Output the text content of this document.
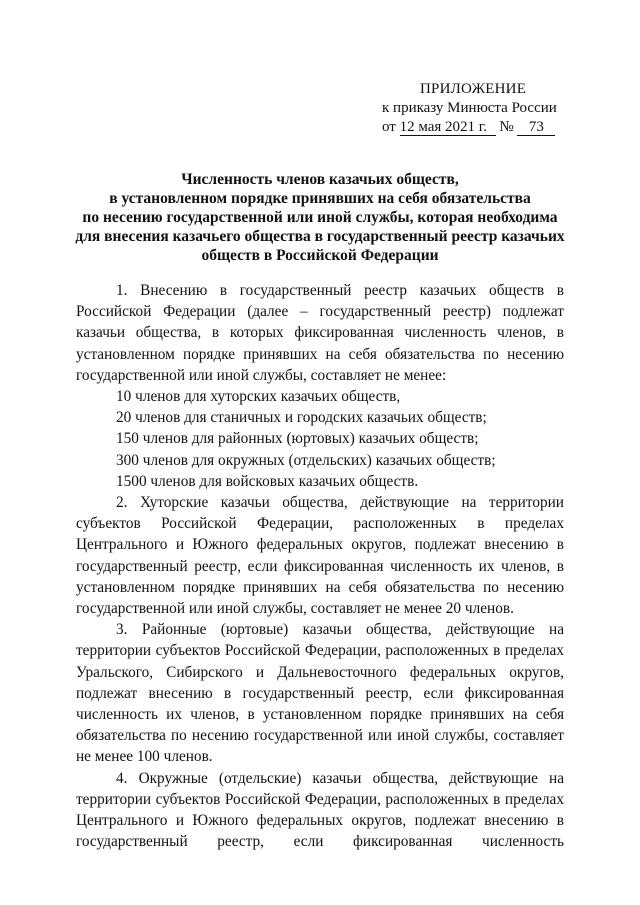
ПРИЛОЖЕНИЕ
к приказу Минюста России
от 12 мая 2021 г. № 73
Численность членов казачьих обществ,
в установленном порядке принявших на себя обязательства
по несению государственной или иной службы, которая необходима
для внесения казачьего общества в государственный реестр казачьих
обществ в Российской Федерации

1. Внесению в государственный реестр казачьих обществ в Российской Федерации (далее – государственный реестр) подлежат казачьи общества, в которых фиксированная численность членов, в установленном порядке принявших на себя обязательства по несению государственной или иной службы, составляет не менее:

10 членов для хуторских казачьих обществ,

20 членов для станичных и городских казачьих обществ;

150 членов для районных (юртовых) казачьих обществ;

300 членов для окружных (отдельских) казачьих обществ;

1500 членов для войсковых казачьих обществ.

2. Хуторские казачьи общества, действующие на территории субъектов Российской Федерации, расположенных в пределах Центрального и Южного федеральных округов, подлежат внесению в государственный реестр, если фиксированная численность их членов, в установленном порядке принявших на себя обязательства по несению государственной или иной службы, составляет не менее 20 членов.

3. Районные (юртовые) казачьи общества, действующие на территории субъектов Российской Федерации, расположенных в пределах Уральского, Сибирского и Дальневосточного федеральных округов, подлежат внесению в государственный реестр, если фиксированная численность их членов, в установленном порядке принявших на себя обязательства по несению государственной или иной службы, составляет не менее 100 членов.

4. Окружные (отдельские) казачьи общества, действующие на территории субъектов Российской Федерации, расположенных в пределах Центрального и Южного федеральных округов, подлежат внесению в государственный реестр, если фиксированная численность
